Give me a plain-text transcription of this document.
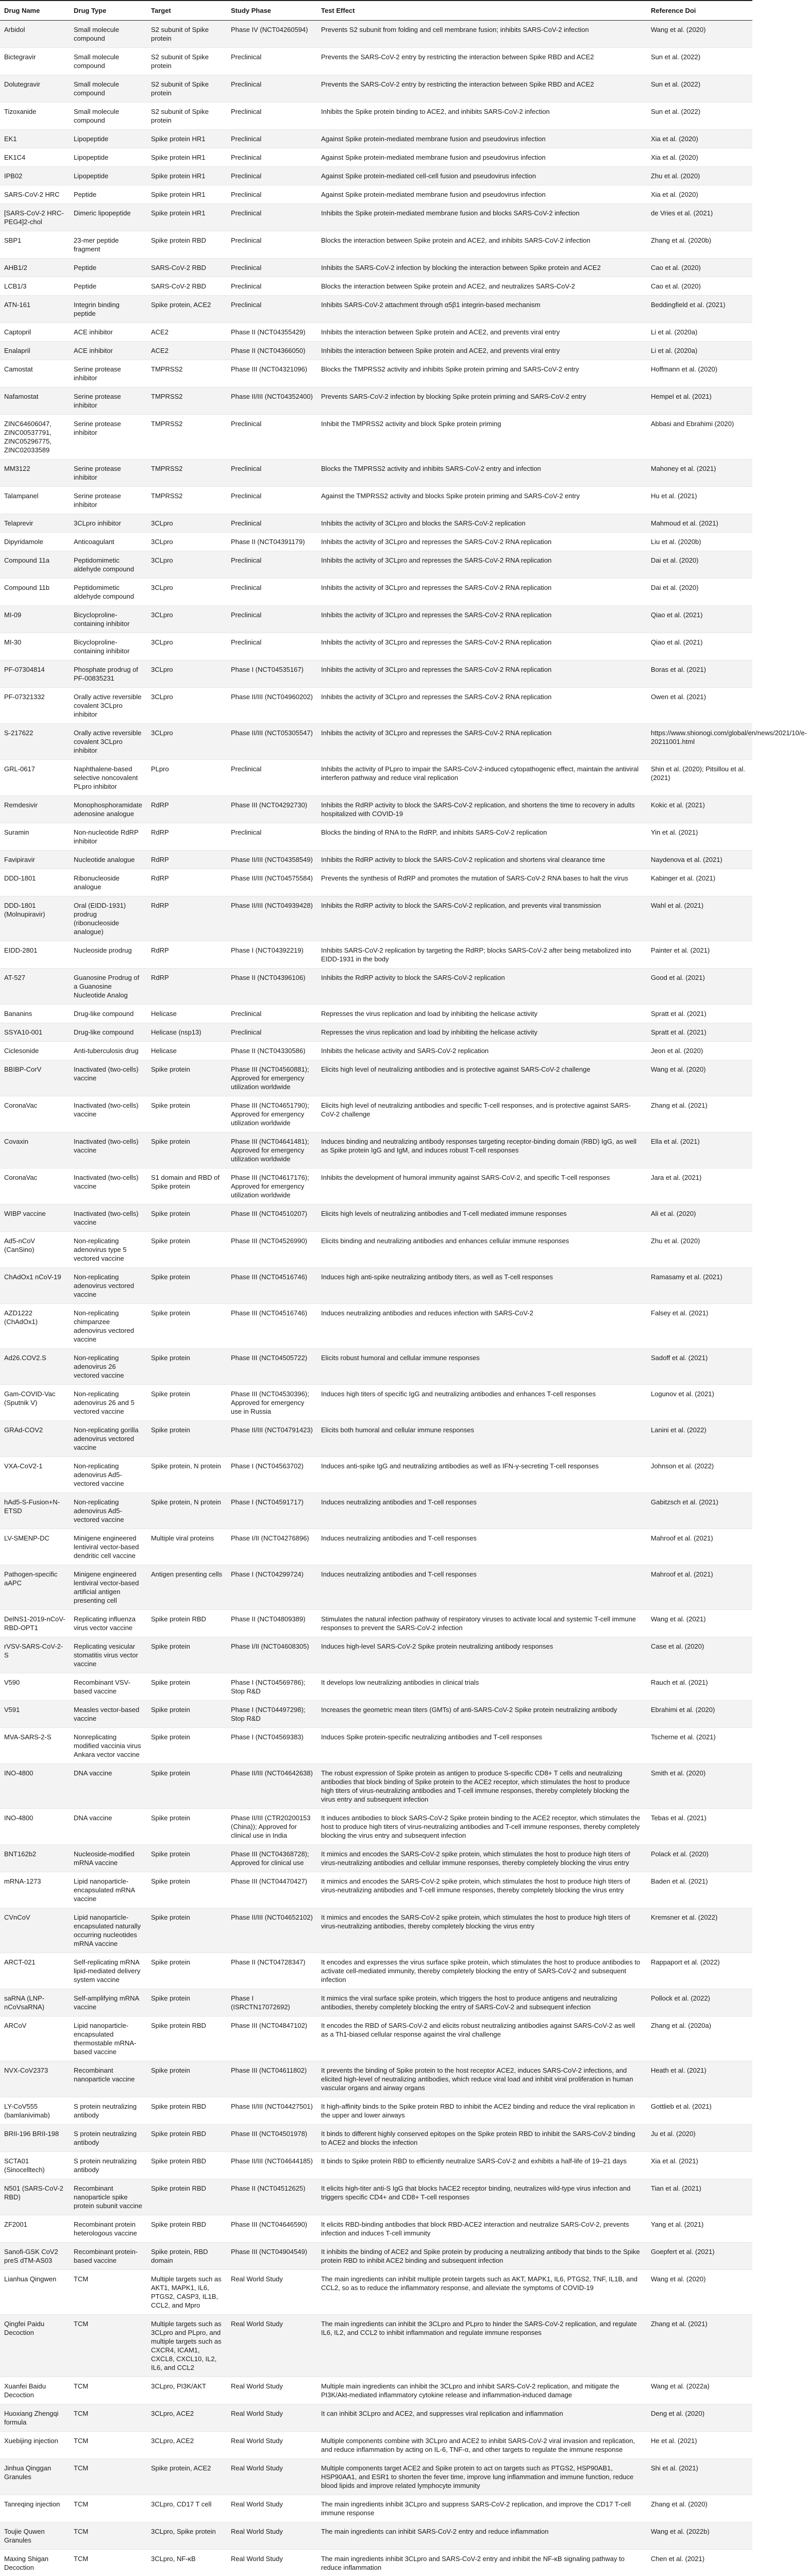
Drug Name	Drug Type	Target	Study Phase	Test Effect	Reference Doi
Arbidol	Small molecule compound	S2 subunit of Spike protein	Phase IV (NCT04260594)	Prevents S2 subunit from folding and cell membrane fusion; inhibits SARS-CoV-2 infection	Wang et al. (2020)
Bictegravir	Small molecule compound	S2 subunit of Spike protein	Preclinical	Prevents the SARS-CoV-2 entry by restricting the interaction between Spike RBD and ACE2	Sun et al. (2022)
Dolutegravir	Small molecule compound	S2 subunit of Spike protein	Preclinical	Prevents the SARS-CoV-2 entry by restricting the interaction between Spike RBD and ACE2	Sun et al. (2022)
Tizoxanide	Small molecule compound	S2 subunit of Spike protein	Preclinical	Inhibits the Spike protein binding to ACE2, and inhibits SARS-CoV-2 infection	Sun et al. (2022)
EK1	Lipopeptide	Spike protein HR1	Preclinical	Against Spike protein-mediated membrane fusion and pseudovirus infection	Xia et al. (2020)
EK1C4	Lipopeptide	Spike protein HR1	Preclinical	Against Spike protein-mediated membrane fusion and pseudovirus infection	Xia et al. (2020)
IPB02	Lipopeptide	Spike protein HR1	Preclinical	Against Spike protein-mediated cell-cell fusion and pseudovirus infection	Zhu et al. (2020)
SARS-CoV-2 HRC	Peptide	Spike protein HR1	Preclinical	Against Spike protein-mediated membrane fusion and pseudovirus infection	Xia et al. (2020)
[SARS-CoV-2 HRC-PEG4]2-chol	Dimeric lipopeptide	Spike protein HR1	Preclinical	Inhibits the Spike protein-mediated membrane fusion and blocks SARS-CoV-2 infection	de Vries et al. (2021)
SBP1	23-mer peptide fragment	Spike protein RBD	Preclinical	Blocks the interaction between Spike protein and ACE2, and inhibits SARS-CoV-2 infection	Zhang et al. (2020b)
AHB1/2	Peptide	SARS-CoV-2 RBD	Preclinical	Inhibits the SARS-CoV-2 infection by blocking the interaction between Spike protein and ACE2	Cao et al. (2020)
LCB1/3	Peptide	SARS-CoV-2 RBD	Preclinical	Blocks the interaction between Spike protein and ACE2, and neutralizes SARS-CoV-2	Cao et al. (2020)
ATN-161	Integrin binding peptide	Spike protein, ACE2	Preclinical	Inhibits SARS-CoV-2 attachment through α5β1 integrin-based mechanism	Beddingfield et al. (2021)
Captopril	ACE inhibitor	ACE2	Phase II (NCT04355429)	Inhibits the interaction between Spike protein and ACE2, and prevents viral entry	Li et al. (2020a)
Enalapril	ACE inhibitor	ACE2	Phase II (NCT04366050)	Inhibits the interaction between Spike protein and ACE2, and prevents viral entry	Li et al. (2020a)
Camostat	Serine protease inhibitor	TMPRSS2	Phase III (NCT04321096)	Blocks the TMPRSS2 activity and inhibits Spike protein priming and SARS-CoV-2 entry	Hoffmann et al. (2020)
Nafamostat	Serine protease inhibitor	TMPRSS2	Phase II/III (NCT04352400)	Prevents SARS-CoV-2 infection by blocking Spike protein priming and SARS-CoV-2 entry	Hempel et al. (2021)
ZINC64606047, ZINC00537791, ZINC05296775, ZINC02033589	Serine protease inhibitor	TMPRSS2	Preclinical	Inhibit the TMPRSS2 activity and block Spike protein priming	Abbasi and Ebrahimi (2020)
MM3122	Serine protease inhibitor	TMPRSS2	Preclinical	Blocks the TMPRSS2 activity and inhibits SARS-CoV-2 entry and infection	Mahoney et al. (2021)
Talampanel	Serine protease inhibitor	TMPRSS2	Preclinical	Against the TMPRSS2 activity and blocks Spike protein priming and SARS-CoV-2 entry	Hu et al. (2021)
Telaprevir	3CLpro inhibitor	3CLpro	Preclinical	Inhibits the activity of 3CLpro and blocks the SARS-CoV-2 replication	Mahmoud et al. (2021)
Dipyridamole	Anticoagulant	3CLpro	Phase II (NCT04391179)	Inhibits the activity of 3CLpro and represses the SARS-CoV-2 RNA replication	Liu et al. (2020b)
Compound 11a	Peptidomimetic aldehyde compound	3CLpro	Preclinical	Inhibits the activity of 3CLpro and represses the SARS-CoV-2 RNA replication	Dai et al. (2020)
Compound 11b	Peptidomimetic aldehyde compound	3CLpro	Preclinical	Inhibits the activity of 3CLpro and represses the SARS-CoV-2 RNA replication	Dai et al. (2020)
MI-09	Bicycloproline-containing inhibitor	3CLpro	Preclinical	Inhibits the activity of 3CLpro and represses the SARS-CoV-2 RNA replication	Qiao et al. (2021)
MI-30	Bicycloproline-containing inhibitor	3CLpro	Preclinical	Inhibits the activity of 3CLpro and represses the SARS-CoV-2 RNA replication	Qiao et al. (2021)
PF-07304814	Phosphate prodrug of PF-00835231	3CLpro	Phase I (NCT04535167)	Inhibits the activity of 3CLpro and represses the SARS-CoV-2 RNA replication	Boras et al. (2021)
PF-07321332	Orally active reversible covalent 3CLpro inhibitor	3CLpro	Phase II/III (NCT04960202)	Inhibits the activity of 3CLpro and represses the SARS-CoV-2 RNA replication	Owen et al. (2021)
S-217622	Orally active reversible covalent 3CLpro inhibitor	3CLpro	Phase II/III (NCT05305547)	Inhibits the activity of 3CLpro and represses the SARS-CoV-2 RNA replication	https://www.shionogi.com/global/en/news/2021/10/e-20211001.html
GRL-0617	Naphthalene-based selective noncovalent PLpro inhibitor	PLpro	Preclinical	Inhibits the activity of PLpro to impair the SARS-CoV-2-induced cytopathogenic effect, maintain the antiviral interferon pathway and reduce viral replication	Shin et al. (2020); Pitsillou et al. (2021)
Remdesivir	Monophosphoramidate adenosine analogue	RdRP	Phase III (NCT04292730)	Inhibits the RdRP activity to block the SARS-CoV-2 replication, and shortens the time to recovery in adults hospitalized with COVID-19	Kokic et al. (2021)
Suramin	Non-nucleotide RdRP inhibitor	RdRP	Preclinical	Blocks the binding of RNA to the RdRP, and inhibits SARS-CoV-2 replication	Yin et al. (2021)
Favipiravir	Nucleotide analogue	RdRP	Phase II/III (NCT04358549)	Inhibits the RdRP activity to block the SARS-CoV-2 replication and shortens viral clearance time	Naydenova et al. (2021)
DDD-1801	Ribonucleoside analogue	RdRP	Phase II/III (NCT04575584)	Prevents the synthesis of RdRP and promotes the mutation of SARS-CoV-2 RNA bases to halt the virus	Kabinger et al. (2021)
DDD-1801 (Molnupiravir)	Oral (EIDD-1931) prodrug (ribonucleoside analogue)	RdRP	Phase II/III (NCT04939428)	Inhibits the RdRP activity to block the SARS-CoV-2 replication, and prevents viral transmission	Wahl et al. (2021)
EIDD-2801	Nucleoside prodrug	RdRP	Phase I (NCT04392219)	Inhibits SARS-CoV-2 replication by targeting the RdRP; blocks SARS-CoV-2 after being metabolized into EIDD-1931 in the body	Painter et al. (2021)
AT-527	Guanosine Prodrug of a Guanosine Nucleotide Analog	RdRP	Phase II (NCT04396106)	Inhibits the RdRP activity to block the SARS-CoV-2 replication	Good et al. (2021)
Bananins	Drug-like compound	Helicase	Preclinical	Represses the virus replication and load by inhibiting the helicase activity	Spratt et al. (2021)
SSYA10-001	Drug-like compound	Helicase (nsp13)	Preclinical	Represses the virus replication and load by inhibiting the helicase activity	Spratt et al. (2021)
Ciclesonide	Anti-tuberculosis drug	Helicase	Phase II (NCT04330586)	Inhibits the helicase activity and SARS-CoV-2 replication	Jeon et al. (2020)
BBIBP-CorV	Inactivated (two-cells) vaccine	Spike protein	Phase III (NCT04560881); Approved for emergency utilization worldwide	Elicits high level of neutralizing antibodies and is protective against SARS-CoV-2 challenge	Wang et al. (2020)
CoronaVac	Inactivated (two-cells) vaccine	Spike protein	Phase III (NCT04651790); Approved for emergency utilization worldwide	Elicits high level of neutralizing antibodies and specific T-cell responses, and is protective against SARS-CoV-2 challenge	Zhang et al. (2021)
Covaxin	Inactivated (two-cells) vaccine	Spike protein	Phase III (NCT04641481); Approved for emergency utilization worldwide	Induces binding and neutralizing antibody responses targeting receptor-binding domain (RBD) IgG, as well as Spike protein IgG and IgM, and induces robust T-cell responses	Ella et al. (2021)
CoronaVac	Inactivated (two-cells) vaccine	S1 domain and RBD of Spike protein	Phase III (NCT04617176); Approved for emergency utilization worldwide	Inhibits the development of humoral immunity against SARS-CoV-2, and specific T-cell responses	Jara et al. (2021)
WIBP vaccine	Inactivated (two-cells) vaccine	Spike protein	Phase III (NCT04510207)	Elicits high levels of neutralizing antibodies and T-cell mediated immune responses	Ali et al. (2020)
Ad5-nCoV (CanSino)	Non-replicating adenovirus type 5 vectored vaccine	Spike protein	Phase III (NCT04526990)	Elicits binding and neutralizing antibodies and enhances cellular immune responses	Zhu et al. (2020)
ChAdOx1 nCoV-19	Non-replicating adenovirus vectored vaccine	Spike protein	Phase III (NCT04516746)	Induces high anti-spike neutralizing antibody titers, as well as T-cell responses	Ramasamy et al. (2021)
AZD1222 (ChAdOx1)	Non-replicating chimpanzee adenovirus vectored vaccine	Spike protein	Phase III (NCT04516746)	Induces neutralizing antibodies and reduces infection with SARS-CoV-2	Falsey et al. (2021)
Ad26.COV2.S	Non-replicating adenovirus 26 vectored vaccine	Spike protein	Phase III (NCT04505722)	Elicits robust humoral and cellular immune responses	Sadoff et al. (2021)
Gam-COVID-Vac (Sputnik V)	Non-replicating adenovirus 26 and 5 vectored vaccine	Spike protein	Phase III (NCT04530396); Approved for emergency use in Russia	Induces high titers of specific IgG and neutralizing antibodies and enhances T-cell responses	Logunov et al. (2021)
GRAd-COV2	Non-replicating gorilla adenovirus vectored vaccine	Spike protein	Phase II/III (NCT04791423)	Elicits both humoral and cellular immune responses	Lanini et al. (2022)
VXA-CoV2-1	Non-replicating adenovirus Ad5-vectored vaccine	Spike protein, N protein	Phase I (NCT04563702)	Induces anti-spike IgG and neutralizing antibodies as well as IFN-γ-secreting T-cell responses	Johnson et al. (2022)
hAd5-S-Fusion+N-ETSD	Non-replicating adenovirus Ad5-vectored vaccine	Spike protein, N protein	Phase I (NCT04591717)	Induces neutralizing antibodies and T-cell responses	Gabitzsch et al. (2021)
LV-SMENP-DC	Minigene engineered lentiviral vector-based dendritic cell vaccine	Multiple viral proteins	Phase I/II (NCT04276896)	Induces neutralizing antibodies and T-cell responses	Mahroof et al. (2021)
Pathogen-specific aAPC	Minigene engineered lentiviral vector-based artificial antigen presenting cell	Antigen presenting cells	Phase I (NCT04299724)	Induces neutralizing antibodies and T-cell responses	Mahroof et al. (2021)
DelNS1-2019-nCoV-RBD-OPT1	Replicating influenza virus vector vaccine	Spike protein RBD	Phase II (NCT04809389)	Stimulates the natural infection pathway of respiratory viruses to activate local and systemic T-cell immune responses to prevent the SARS-CoV-2 infection	Wang et al. (2021)
rVSV-SARS-CoV-2-S	Replicating vesicular stomatitis virus vector vaccine	Spike protein	Phase I/II (NCT04608305)	Induces high-level SARS-CoV-2 Spike protein neutralizing antibody responses	Case et al. (2020)
V590	Recombinant VSV-based vaccine	Spike protein	Phase I (NCT04569786); Stop R&D	It develops low neutralizing antibodies in clinical trials	Rauch et al. (2021)
V591	Measles vector-based vaccine	Spike protein	Phase I (NCT04497298); Stop R&D	Increases the geometric mean titers (GMTs) of anti-SARS-CoV-2 Spike protein neutralizing antibody	Ebrahimi et al. (2020)
MVA-SARS-2-S	Nonreplicating modified vaccinia virus Ankara vector vaccine	Spike protein	Phase I (NCT04569383)	Induces Spike protein-specific neutralizing antibodies and T-cell responses	Tscherne et al. (2021)
INO-4800	DNA vaccine	Spike protein	Phase II/III (NCT04642638)	The robust expression of Spike protein as antigen to produce S-specific CD8+ T cells and neutralizing antibodies that block binding of Spike protein to the ACE2 receptor, which stimulates the host to produce high titers of virus-neutralizing antibodies and T-cell immune responses, thereby completely blocking the virus entry and subsequent infection	Smith et al. (2020)
INO-4800	DNA vaccine	Spike protein	Phase II/III (CTR20200153 (China)); Approved for clinical use in India	It induces antibodies to block SARS-CoV-2 Spike protein binding to the ACE2 receptor, which stimulates the host to produce high titers of virus-neutralizing antibodies and T-cell immune responses, thereby completely blocking the virus entry and subsequent infection	Tebas et al. (2021)
BNT162b2	Nucleoside-modified mRNA vaccine	Spike protein	Phase III (NCT04368728); Approved for clinical use	It mimics and encodes the SARS-CoV-2 spike protein, which stimulates the host to produce high titers of virus-neutralizing antibodies and cellular immune responses, thereby completely blocking the virus entry	Polack et al. (2020)
mRNA-1273	Lipid nanoparticle-encapsulated mRNA vaccine	Spike protein	Phase III (NCT04470427)	It mimics and encodes the SARS-CoV-2 spike protein, which stimulates the host to produce high titers of virus-neutralizing antibodies and T-cell immune responses, thereby completely blocking the virus entry	Baden et al. (2021)
CVnCoV	Lipid nanoparticle-encapsulated naturally occurring nucleotides mRNA vaccine	Spike protein	Phase II/III (NCT04652102)	It mimics and encodes the SARS-CoV-2 spike protein, which stimulates the host to produce high titers of virus-neutralizing antibodies, thereby completely blocking the virus entry	Kremsner et al. (2022)
ARCT-021	Self-replicating mRNA lipid-mediated delivery system vaccine	Spike protein	Phase II (NCT04728347)	It encodes and expresses the virus surface spike protein, which stimulates the host to produce antibodies to activate cell-mediated immunity, thereby completely blocking the entry of SARS-CoV-2 and subsequent infection	Rappaport et al. (2022)
saRNA (LNP-nCoVsaRNA)	Self-amplifying mRNA vaccine	Spike protein	Phase I (ISRCTN17072692)	It mimics the viral surface spike protein, which triggers the host to produce antigens and neutralizing antibodies, thereby completely blocking the entry of SARS-CoV-2 and subsequent infection	Pollock et al. (2022)
ARCoV	Lipid nanoparticle-encapsulated thermostable mRNA-based vaccine	Spike protein RBD	Phase III (NCT04847102)	It encodes the RBD of SARS-CoV-2 and elicits robust neutralizing antibodies against SARS-CoV-2 as well as a Th1-biased cellular response against the viral challenge	Zhang et al. (2020a)
NVX-CoV2373	Recombinant nanoparticle vaccine	Spike protein	Phase III (NCT04611802)	It prevents the binding of Spike protein to the host receptor ACE2, induces SARS-CoV-2 infections, and elicited high-level of neutralizing antibodies, which reduce viral load and inhibit viral proliferation in human vascular organs and airway organs	Heath et al. (2021)
LY-CoV555 (bamlanivimab)	S protein neutralizing antibody	Spike protein RBD	Phase II/III (NCT04427501)	It high-affinity binds to the Spike protein RBD to inhibit the ACE2 binding and reduce the viral replication in the upper and lower airways	Gottlieb et al. (2021)
BRII-196 BRII-198	S protein neutralizing antibody	Spike protein RBD	Phase III (NCT04501978)	It binds to different highly conserved epitopes on the Spike protein RBD to inhibit the SARS-CoV-2 binding to ACE2 and blocks the infection	Ju et al. (2020)
SCTA01 (Sinocelltech)	S protein neutralizing antibody	Spike protein RBD	Phase II/III (NCT04644185)	It binds to Spike protein RBD to efficiently neutralize SARS-CoV-2 and exhibits a half-life of 19–21 days	Xia et al. (2021)
N501 (SARS-CoV-2 RBD)	Recombinant nanoparticle spike protein subunit vaccine	Spike protein RBD	Phase II (NCT04512625)	It elicits high-titer anti-S IgG that blocks hACE2 receptor binding, neutralizes wild-type virus infection and triggers specific CD4+ and CD8+ T-cell responses	Tian et al. (2021)
ZF2001	Recombinant protein heterologous vaccine	Spike protein RBD	Phase III (NCT04646590)	It elicits RBD-binding antibodies that block RBD-ACE2 interaction and neutralize SARS-CoV-2, prevents infection and induces T-cell immunity	Yang et al. (2021)
Sanofi-GSK CoV2 preS dTM-AS03	Recombinant protein-based vaccine	Spike protein, RBD domain	Phase III (NCT04904549)	It inhibits the binding of ACE2 and Spike protein by producing a neutralizing antibody that binds to the Spike protein RBD to inhibit ACE2 binding and subsequent infection	Goepfert et al. (2021)
Lianhua Qingwen	TCM	Multiple targets such as AKT1, MAPK1, IL6, PTGS2, CASP3, IL1B, CCL2, and Mpro	Real World Study	The main ingredients can inhibit multiple protein targets such as AKT, MAPK1, IL6, PTGS2, TNF, IL1B, and CCL2, so as to reduce the inflammatory response, and alleviate the symptoms of COVID-19	Wang et al. (2020)
Qingfei Paidu Decoction	TCM	Multiple targets such as 3CLpro and PLpro, and multiple targets such as CXCR4, ICAM1, CXCL8, CXCL10, IL2, IL6, and CCL2	Real World Study	The main ingredients can inhibit the 3CLpro and PLpro to hinder the SARS-CoV-2 replication, and regulate IL6, IL2, and CCL2 to inhibit inflammation and regulate immune responses	Zhang et al. (2021)
Xuanfei Baidu Decoction	TCM	3CLpro, PI3K/AKT	Real World Study	Multiple main ingredients can inhibit the 3CLpro and inhibit SARS-CoV-2 replication, and mitigate the PI3K/Akt-mediated inflammatory cytokine release and inflammation-induced damage	Wang et al. (2022a)
Huoxiang Zhengqi formula	TCM	3CLpro, ACE2	Real World Study	It can inhibit 3CLpro and ACE2, and suppresses viral replication and inflammation	Deng et al. (2020)
Xuebijing injection	TCM	3CLpro, ACE2	Real World Study	Multiple components combine with 3CLpro and ACE2 to inhibit SARS-CoV-2 viral invasion and replication, and reduce inflammation by acting on IL-6, TNF-α, and other targets to regulate the immune response	He et al. (2021)
Jinhua Qinggan Granules	TCM	Spike protein, ACE2	Real World Study	Multiple components target ACE2 and Spike protein to act on targets such as PTGS2, HSP90AB1, HSP90AA1, and ESR1 to shorten the fever time, improve lung inflammation and immune function, reduce blood lipids and improve related lymphocyte immunity	Shi et al. (2021)
Tanreqing injection	TCM	3CLpro, CD17 T cell	Real World Study	The main ingredients inhibit 3CLpro and suppress SARS-CoV-2 replication, and improve the CD17 T-cell immune response	Zhang et al. (2020)
Toujie Quwen Granules	TCM	3CLpro, Spike protein	Real World Study	The main ingredients can inhibit SARS-CoV-2 entry and reduce inflammation	Wang et al. (2022b)
Maxing Shigan Decoction	TCM	3CLpro, NF-κB	Real World Study	The main ingredients inhibit 3CLpro and SARS-CoV-2 entry and inhibit the NF-κB signaling pathway to reduce inflammation	Chen et al. (2021)
